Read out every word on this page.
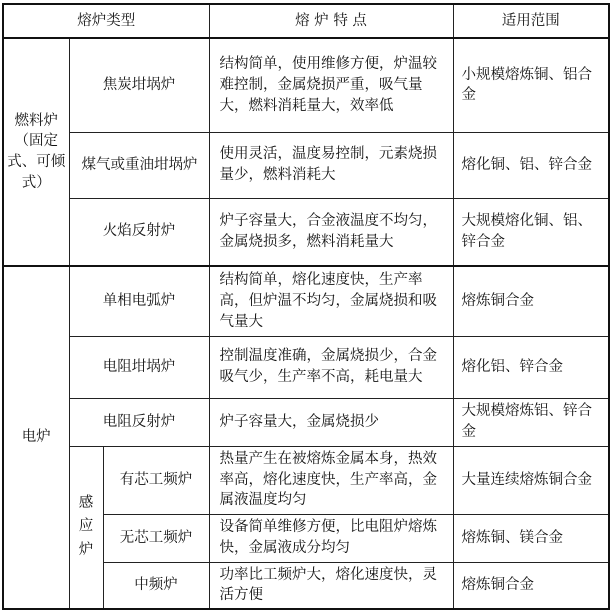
熔炉类型			熔 炉 特 点	适用范围
燃料炉（固定式、可倾式）	焦炭坩埚炉		结构简单，使用维修方便，炉温较难控制，金属烧损严重，吸气量大，燃料消耗量大，效率低	小规模熔炼铜、铝合金
	煤气或重油坩埚炉		使用灵活，温度易控制，元素烧损量少，燃料消耗大	熔化铜、铝、锌合金
	火焰反射炉		炉子容量大，合金液温度不均匀，金属烧损多，燃料消耗量大	大规模熔化铜、铝、锌合金
电炉	单相电弧炉		结构简单，熔化速度快，生产率高，但炉温不均匀，金属烧损和吸气量大	熔炼铜合金
	电阻坩埚炉		控制温度准确，金属烧损少，合金吸气少，生产率不高，耗电量大	熔化铝、锌合金
	电阻反射炉		炉子容量大，金属烧损少	大规模熔炼铝、锌合金
	感应炉	有芯工频炉	热量产生在被熔炼金属本身，热效率高，熔化速度快，生产率高，金属液温度均匀	大量连续熔炼铜合金
		无芯工频炉	设备简单维修方便，比电阻炉熔炼快，金属液成分均匀	熔炼铜、镁合金
		中频炉	功率比工频炉大，熔化速度快，灵活方便	熔炼铜合金
